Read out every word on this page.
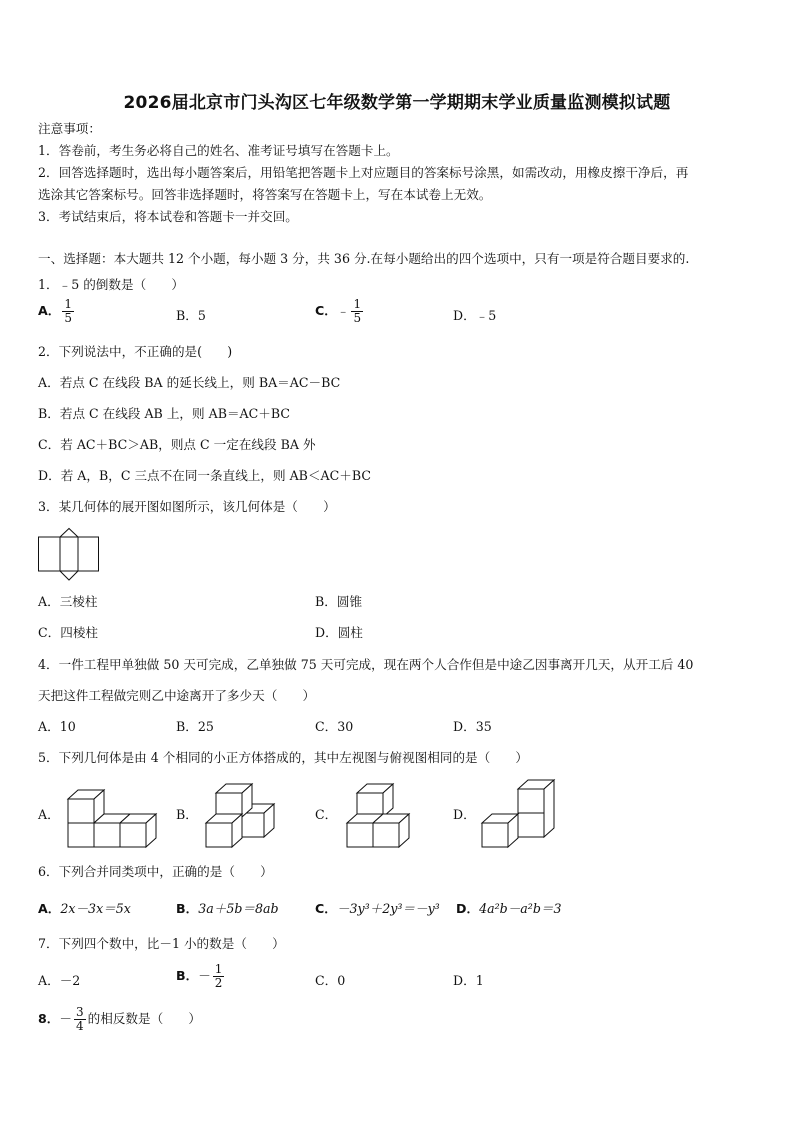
2026届北京市门头沟区七年级数学第一学期期末学业质量监测模拟试题
注意事项：
1．答卷前，考生务必将自己的姓名、准考证号填写在答题卡上。
2．回答选择题时，选出每小题答案后，用铅笔把答题卡上对应题目的答案标号涂黑，如需改动，用橡皮擦干净后，再
选涂其它答案标号。回答非选择题时，将答案写在答题卡上，写在本试卷上无效。
3．考试结束后，将本试卷和答题卡一并交回。
一、选择题：本大题共 12 个小题，每小题 3 分，共 36 分.在每小题给出的四个选项中，只有一项是符合题目要求的.
1．﹣5 的倒数是（　　）
A． $\frac{1}{5}$	B．5	C．﹣ $\frac{1}{5}$	D．﹣5
2．下列说法中，不正确的是(　　)
A．若点 C 在线段 BA 的延长线上，则 BA＝AC－BC
B．若点 C 在线段 AB 上，则 AB＝AC＋BC
C．若 AC＋BC＞AB，则点 C 一定在线段 BA 外
D．若 A，B，C 三点不在同一条直线上，则 AB＜AC＋BC
3．某几何体的展开图如图所示，该几何体是（　　）
A．三棱柱	B．圆锥
C．四棱柱	D．圆柱
4．一件工程甲单独做 50 天可完成，乙单独做 75 天可完成，现在两个人合作但是中途乙因事离开几天，从开工后 40
天把这件工程做完则乙中途离开了多少天（　　）
A．10	B．25	C．30	D．35
5．下列几何体是由 4 个相同的小正方体搭成的，其中左视图与俯视图相同的是（　　）
A．	B．	C．	D．
6．下列合并同类项中，正确的是（　　）
A．2x－3x＝5x	B．3a＋5b＝8ab	C．－3y³＋2y³＝－y³ D．4a²b－a²b＝3
7．下列四个数中，比－1 小的数是（　　）
A．－2	B．－ $\frac{1}{2}$	C．0	D．1
8．－ $\frac{3}{4}$ 的相反数是（　　）
